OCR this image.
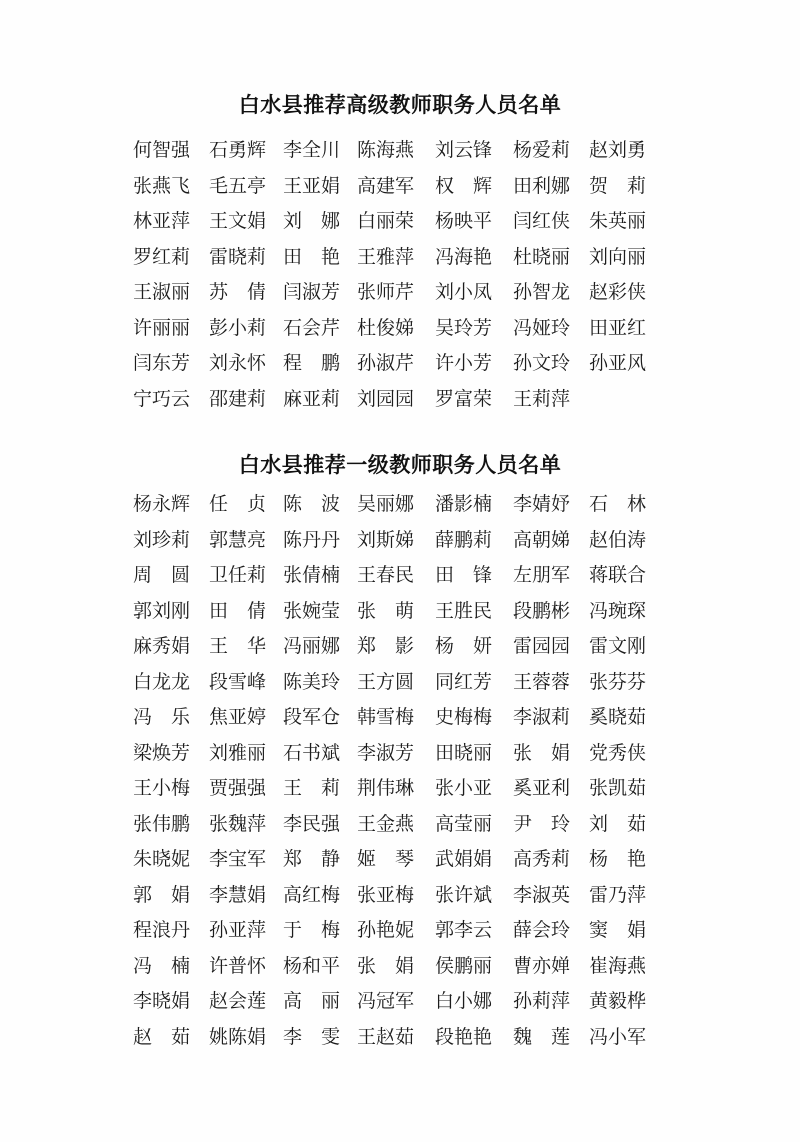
白水县推荐高级教师职务人员名单
何智强 石勇辉 李全川 陈海燕	刘云锋	杨爱莉 赵刘勇
张燕飞 毛五亭 王亚娟 高建军	权　辉	田利娜 贺　莉
林亚萍 王文娟 刘　娜 白丽荣	杨映平	闫红侠 朱英丽
罗红莉 雷晓莉 田　艳 王雅萍	冯海艳	杜晓丽 刘向丽
王淑丽 苏　倩 闫淑芳 张师芹	刘小凤	孙智龙 赵彩侠
许丽丽 彭小莉 石会芹 杜俊娣	吴玲芳	冯娅玲 田亚红
闫东芳 刘永怀 程　鹏 孙淑芹	许小芳	孙文玲 孙亚风
宁巧云 邵建莉 麻亚莉 刘园园	罗富荣	王莉萍
白水县推荐一级教师职务人员名单
杨永辉 任　贞 陈　波 吴丽娜	潘影楠	李婧妤 石　林
刘珍莉 郭慧亮 陈丹丹 刘斯娣	薛鹏莉	高朝娣 赵伯涛
周　圆 卫任莉 张倩楠 王春民	田　锋	左朋军 蒋联合
郭刘刚 田　倩 张婉莹 张　萌	王胜民	段鹏彬 冯琬琛
麻秀娟 王　华 冯丽娜 郑　影	杨　妍	雷园园 雷文刚
白龙龙 段雪峰 陈美玲 王方圆	同红芳	王蓉蓉 张芬芬
冯　乐 焦亚婷 段军仓 韩雪梅	史梅梅	李淑莉 奚晓茹
梁焕芳 刘雅丽 石书斌 李淑芳	田晓丽	张　娟 党秀侠
王小梅 贾强强 王　莉 荆伟琳	张小亚	奚亚利 张凯茹
张伟鹏 张魏萍 李民强 王金燕	高莹丽	尹　玲 刘　茹
朱晓妮 李宝军 郑　静 姬　琴	武娟娟	高秀莉 杨　艳
郭　娟 李慧娟 高红梅 张亚梅	张许斌	李淑英 雷乃萍
程浪丹 孙亚萍 于　梅 孙艳妮	郭李云	薛会玲 窦　娟
冯　楠 许普怀 杨和平 张　娟	侯鹏丽	曹亦婵 崔海燕
李晓娟 赵会莲 高　丽 冯冠军	白小娜	孙莉萍 黄毅桦
赵　茹 姚陈娟 李　雯 王赵茹	段艳艳	魏　莲 冯小军
